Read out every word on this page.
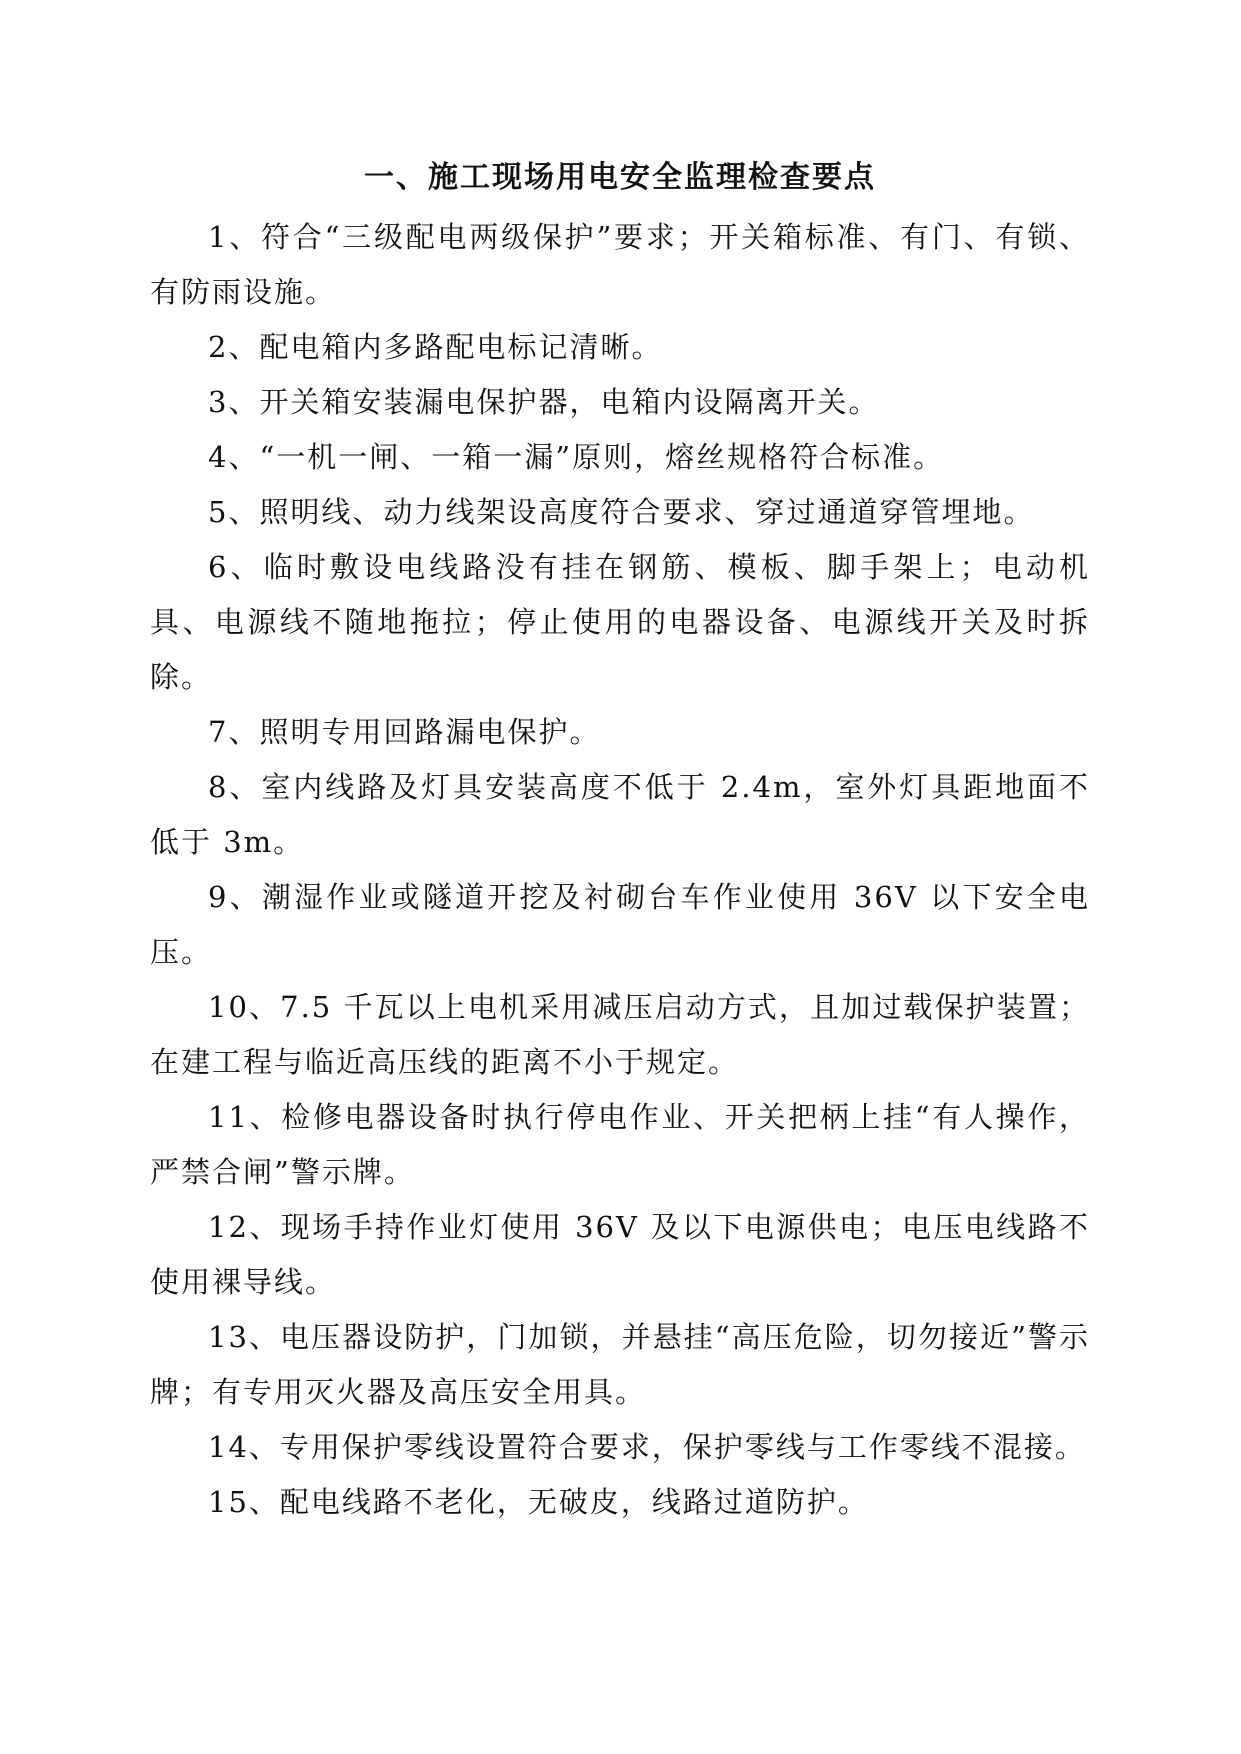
一、施工现场用电安全监理检查要点

1、符合“三级配电两级保护”要求；开关箱标准、有门、有锁、有防雨设施。

2、配电箱内多路配电标记清晰。

3、开关箱安装漏电保护器，电箱内设隔离开关。

4、“一机一闸、一箱一漏”原则，熔丝规格符合标准。

5、照明线、动力线架设高度符合要求、穿过通道穿管埋地。

6、临时敷设电线路没有挂在钢筋、模板、脚手架上；电动机具、电源线不随地拖拉；停止使用的电器设备、电源线开关及时拆除。

7、照明专用回路漏电保护。

8、室内线路及灯具安装高度不低于 2.4m，室外灯具距地面不低于 3m。

9、潮湿作业或隧道开挖及衬砌台车作业使用 36V 以下安全电压。

10、7.5 千瓦以上电机采用减压启动方式，且加过载保护装置；在建工程与临近高压线的距离不小于规定。

11、检修电器设备时执行停电作业、开关把柄上挂“有人操作，严禁合闸”警示牌。

12、现场手持作业灯使用 36V 及以下电源供电；电压电线路不使用裸导线。

13、电压器设防护，门加锁，并悬挂“高压危险，切勿接近”警示牌；有专用灭火器及高压安全用具。

14、专用保护零线设置符合要求，保护零线与工作零线不混接。

15、配电线路不老化，无破皮，线路过道防护。
